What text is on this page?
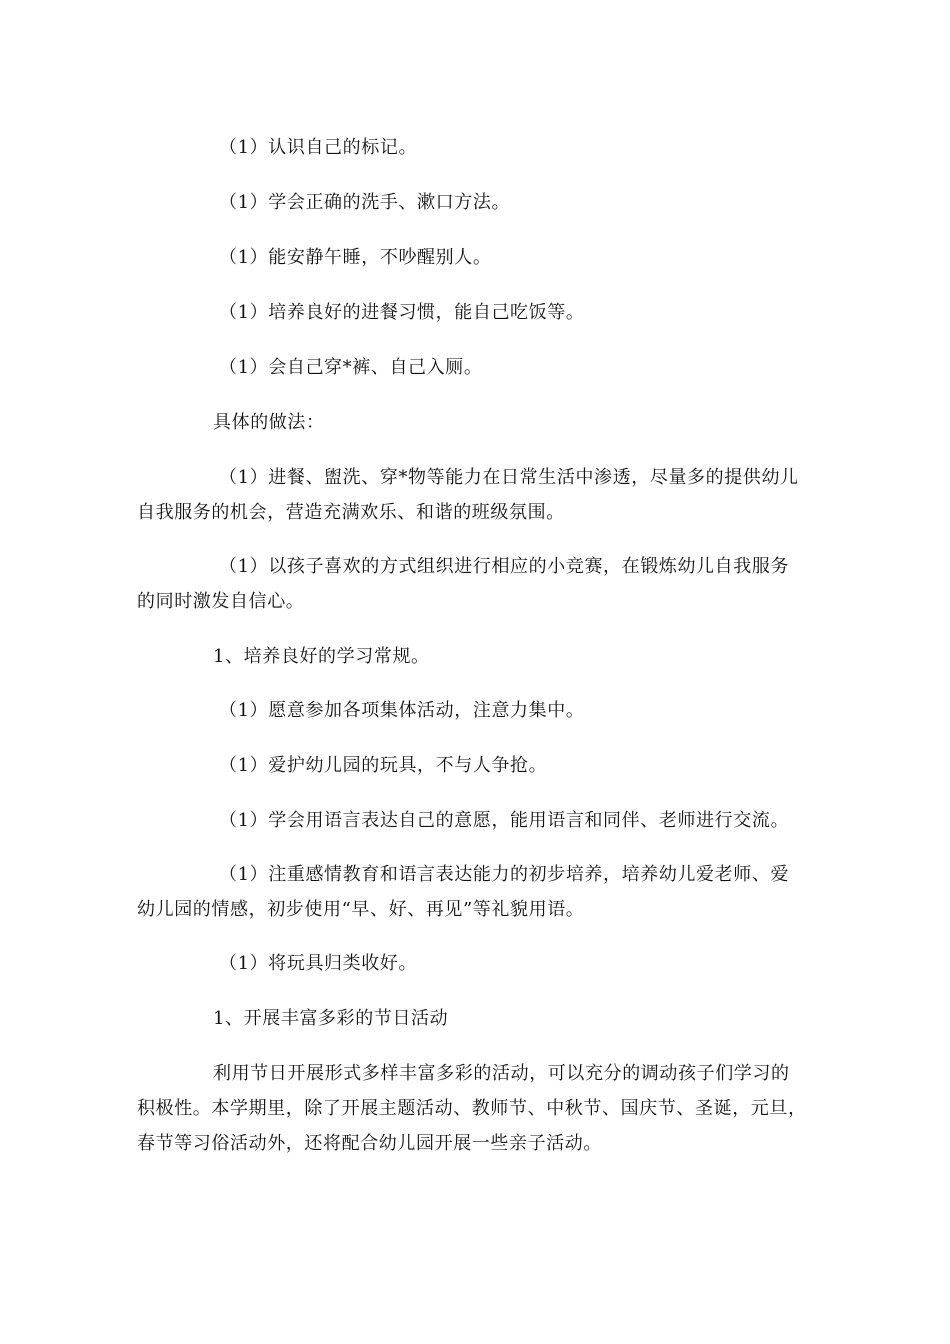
（1）认识自己的标记。
（1）学会正确的洗手、漱口方法。
（1）能安静午睡，不吵醒别人。
（1）培养良好的进餐习惯，能自己吃饭等。
（1）会自己穿*裤、自己入厕。
具体的做法：
（1）进餐、盥洗、穿*物等能力在日常生活中渗透，尽量多的提供幼儿
自我服务的机会，营造充满欢乐、和谐的班级氛围。
（1）以孩子喜欢的方式组织进行相应的小竞赛，在锻炼幼儿自我服务
的同时激发自信心。
1、培养良好的学习常规。
（1）愿意参加各项集体活动，注意力集中。
（1）爱护幼儿园的玩具，不与人争抢。
（1）学会用语言表达自己的意愿，能用语言和同伴、老师进行交流。
（1）注重感情教育和语言表达能力的初步培养，培养幼儿爱老师、爱
幼儿园的情感，初步使用“早、好、再见”等礼貌用语。
（1）将玩具归类收好。
1、开展丰富多彩的节日活动
利用节日开展形式多样丰富多彩的活动，可以充分的调动孩子们学习的
积极性。本学期里，除了开展主题活动、教师节、中秋节、国庆节、圣诞，元旦，
春节等习俗活动外，还将配合幼儿园开展一些亲子活动。
